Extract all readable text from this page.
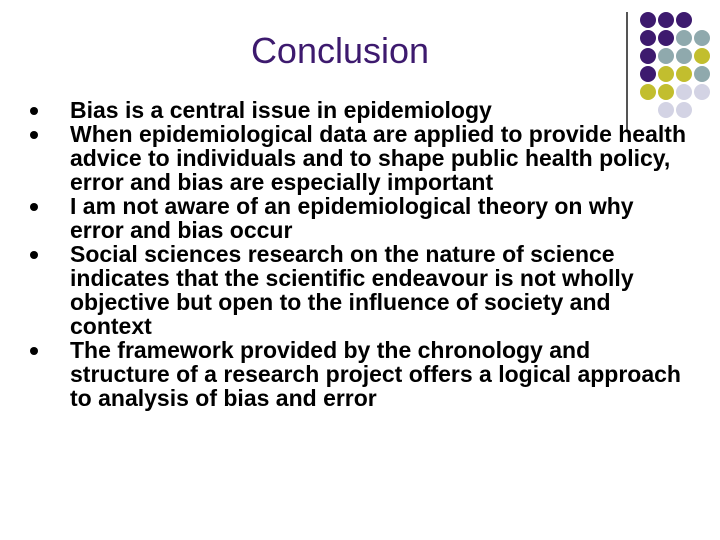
Conclusion
Bias is a central issue in epidemiology
When epidemiological data are applied to provide health advice to individuals and to shape public health policy, error and bias are especially important
I am not aware of an epidemiological theory on why error and bias occur
Social sciences research on the nature of science indicates that the scientific endeavour is not wholly objective but open to the influence of society and context
The framework provided by the chronology and structure of a research project offers a logical approach to analysis of bias and error
